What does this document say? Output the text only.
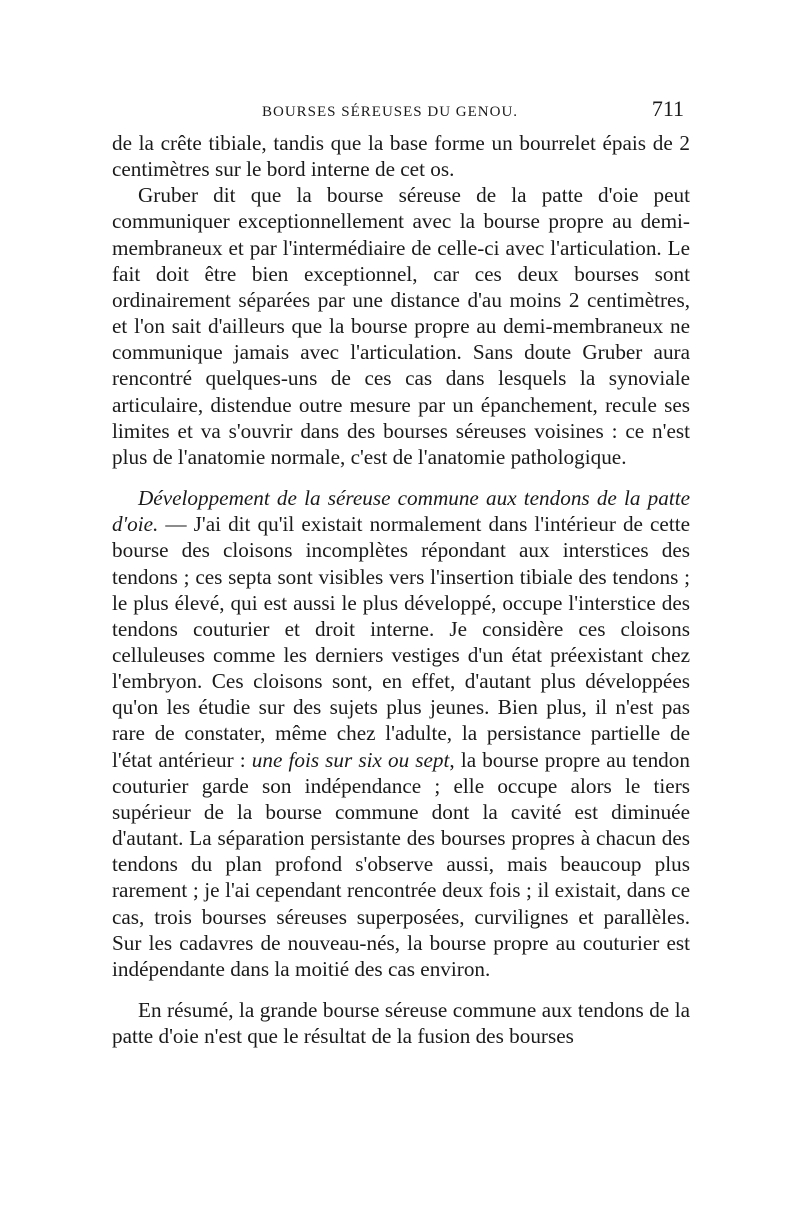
BOURSES SÉREUSES DU GENOU.	711

de la crête tibiale, tandis que la base forme un bourrelet épais de 2 centimètres sur le bord interne de cet os.

Gruber dit que la bourse séreuse de la patte d'oie peut communiquer exceptionnellement avec la bourse propre au demi-membraneux et par l'intermédiaire de celle-ci avec l'articulation. Le fait doit être bien exceptionnel, car ces deux bourses sont ordinairement séparées par une distance d'au moins 2 centimètres, et l'on sait d'ailleurs que la bourse propre au demi-membraneux ne communique jamais avec l'articulation. Sans doute Gruber aura rencontré quelques-uns de ces cas dans lesquels la synoviale articulaire, distendue outre mesure par un épanchement, recule ses limites et va s'ouvrir dans des bourses séreuses voisines : ce n'est plus de l'anatomie normale, c'est de l'anatomie pathologique.

Développement de la séreuse commune aux tendons de la patte d'oie. — J'ai dit qu'il existait normalement dans l'intérieur de cette bourse des cloisons incomplètes répondant aux interstices des tendons ; ces septa sont visibles vers l'insertion tibiale des tendons ; le plus élevé, qui est aussi le plus développé, occupe l'interstice des tendons couturier et droit interne. Je considère ces cloisons celluleuses comme les derniers vestiges d'un état préexistant chez l'embryon. Ces cloisons sont, en effet, d'autant plus développées qu'on les étudie sur des sujets plus jeunes. Bien plus, il n'est pas rare de constater, même chez l'adulte, la persistance partielle de l'état antérieur : une fois sur six ou sept, la bourse propre au tendon couturier garde son indépendance ; elle occupe alors le tiers supérieur de la bourse commune dont la cavité est diminuée d'autant. La séparation persistante des bourses propres à chacun des tendons du plan profond s'observe aussi, mais beaucoup plus rarement ; je l'ai cependant rencontrée deux fois ; il existait, dans ce cas, trois bourses séreuses superposées, curvilignes et parallèles. Sur les cadavres de nouveau-nés, la bourse propre au couturier est indépendante dans la moitié des cas environ.

En résumé, la grande bourse séreuse commune aux tendons de la patte d'oie n'est que le résultat de la fusion des bourses
